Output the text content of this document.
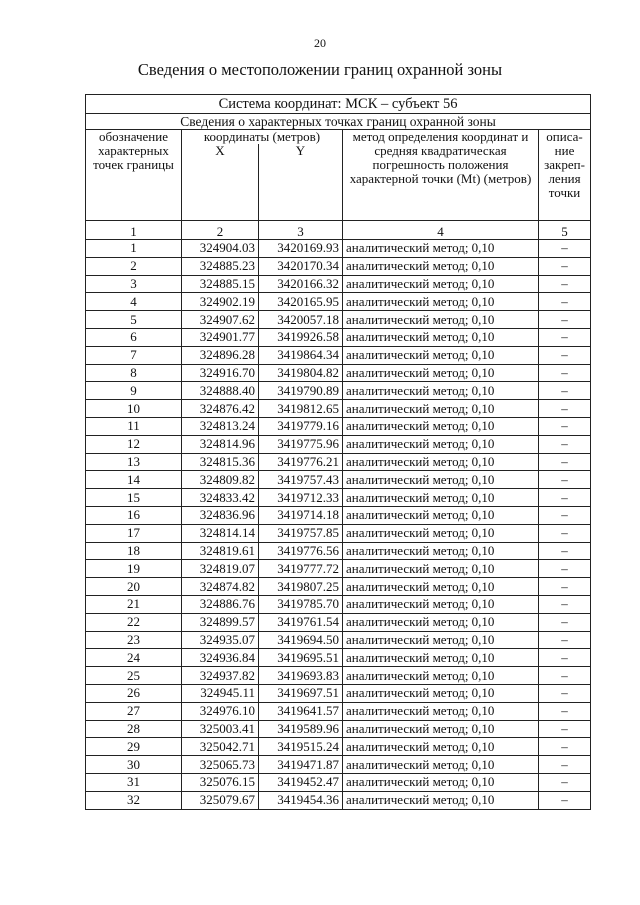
20
Сведения о местоположении границ охранной зоны
Система координат: МСК – субъект 56				
Сведения о характерных точках границ охранной зоны				
обозначение характерных точек границы	координаты (метров)		метод определения координат и средняя квадратическая погрешность положения характерной точки (Mt) (метров)	описа-ние закреп-ления точки
	X	Y		
1	2	3	4	5
1	324904.03	3420169.93	аналитический метод; 0,10	–
2	324885.23	3420170.34	аналитический метод; 0,10	–
3	324885.15	3420166.32	аналитический метод; 0,10	–
4	324902.19	3420165.95	аналитический метод; 0,10	–
5	324907.62	3420057.18	аналитический метод; 0,10	–
6	324901.77	3419926.58	аналитический метод; 0,10	–
7	324896.28	3419864.34	аналитический метод; 0,10	–
8	324916.70	3419804.82	аналитический метод; 0,10	–
9	324888.40	3419790.89	аналитический метод; 0,10	–
10	324876.42	3419812.65	аналитический метод; 0,10	–
11	324813.24	3419779.16	аналитический метод; 0,10	–
12	324814.96	3419775.96	аналитический метод; 0,10	–
13	324815.36	3419776.21	аналитический метод; 0,10	–
14	324809.82	3419757.43	аналитический метод; 0,10	–
15	324833.42	3419712.33	аналитический метод; 0,10	–
16	324836.96	3419714.18	аналитический метод; 0,10	–
17	324814.14	3419757.85	аналитический метод; 0,10	–
18	324819.61	3419776.56	аналитический метод; 0,10	–
19	324819.07	3419777.72	аналитический метод; 0,10	–
20	324874.82	3419807.25	аналитический метод; 0,10	–
21	324886.76	3419785.70	аналитический метод; 0,10	–
22	324899.57	3419761.54	аналитический метод; 0,10	–
23	324935.07	3419694.50	аналитический метод; 0,10	–
24	324936.84	3419695.51	аналитический метод; 0,10	–
25	324937.82	3419693.83	аналитический метод; 0,10	–
26	324945.11	3419697.51	аналитический метод; 0,10	–
27	324976.10	3419641.57	аналитический метод; 0,10	–
28	325003.41	3419589.96	аналитический метод; 0,10	–
29	325042.71	3419515.24	аналитический метод; 0,10	–
30	325065.73	3419471.87	аналитический метод; 0,10	–
31	325076.15	3419452.47	аналитический метод; 0,10	–
32	325079.67	3419454.36	аналитический метод; 0,10	–
